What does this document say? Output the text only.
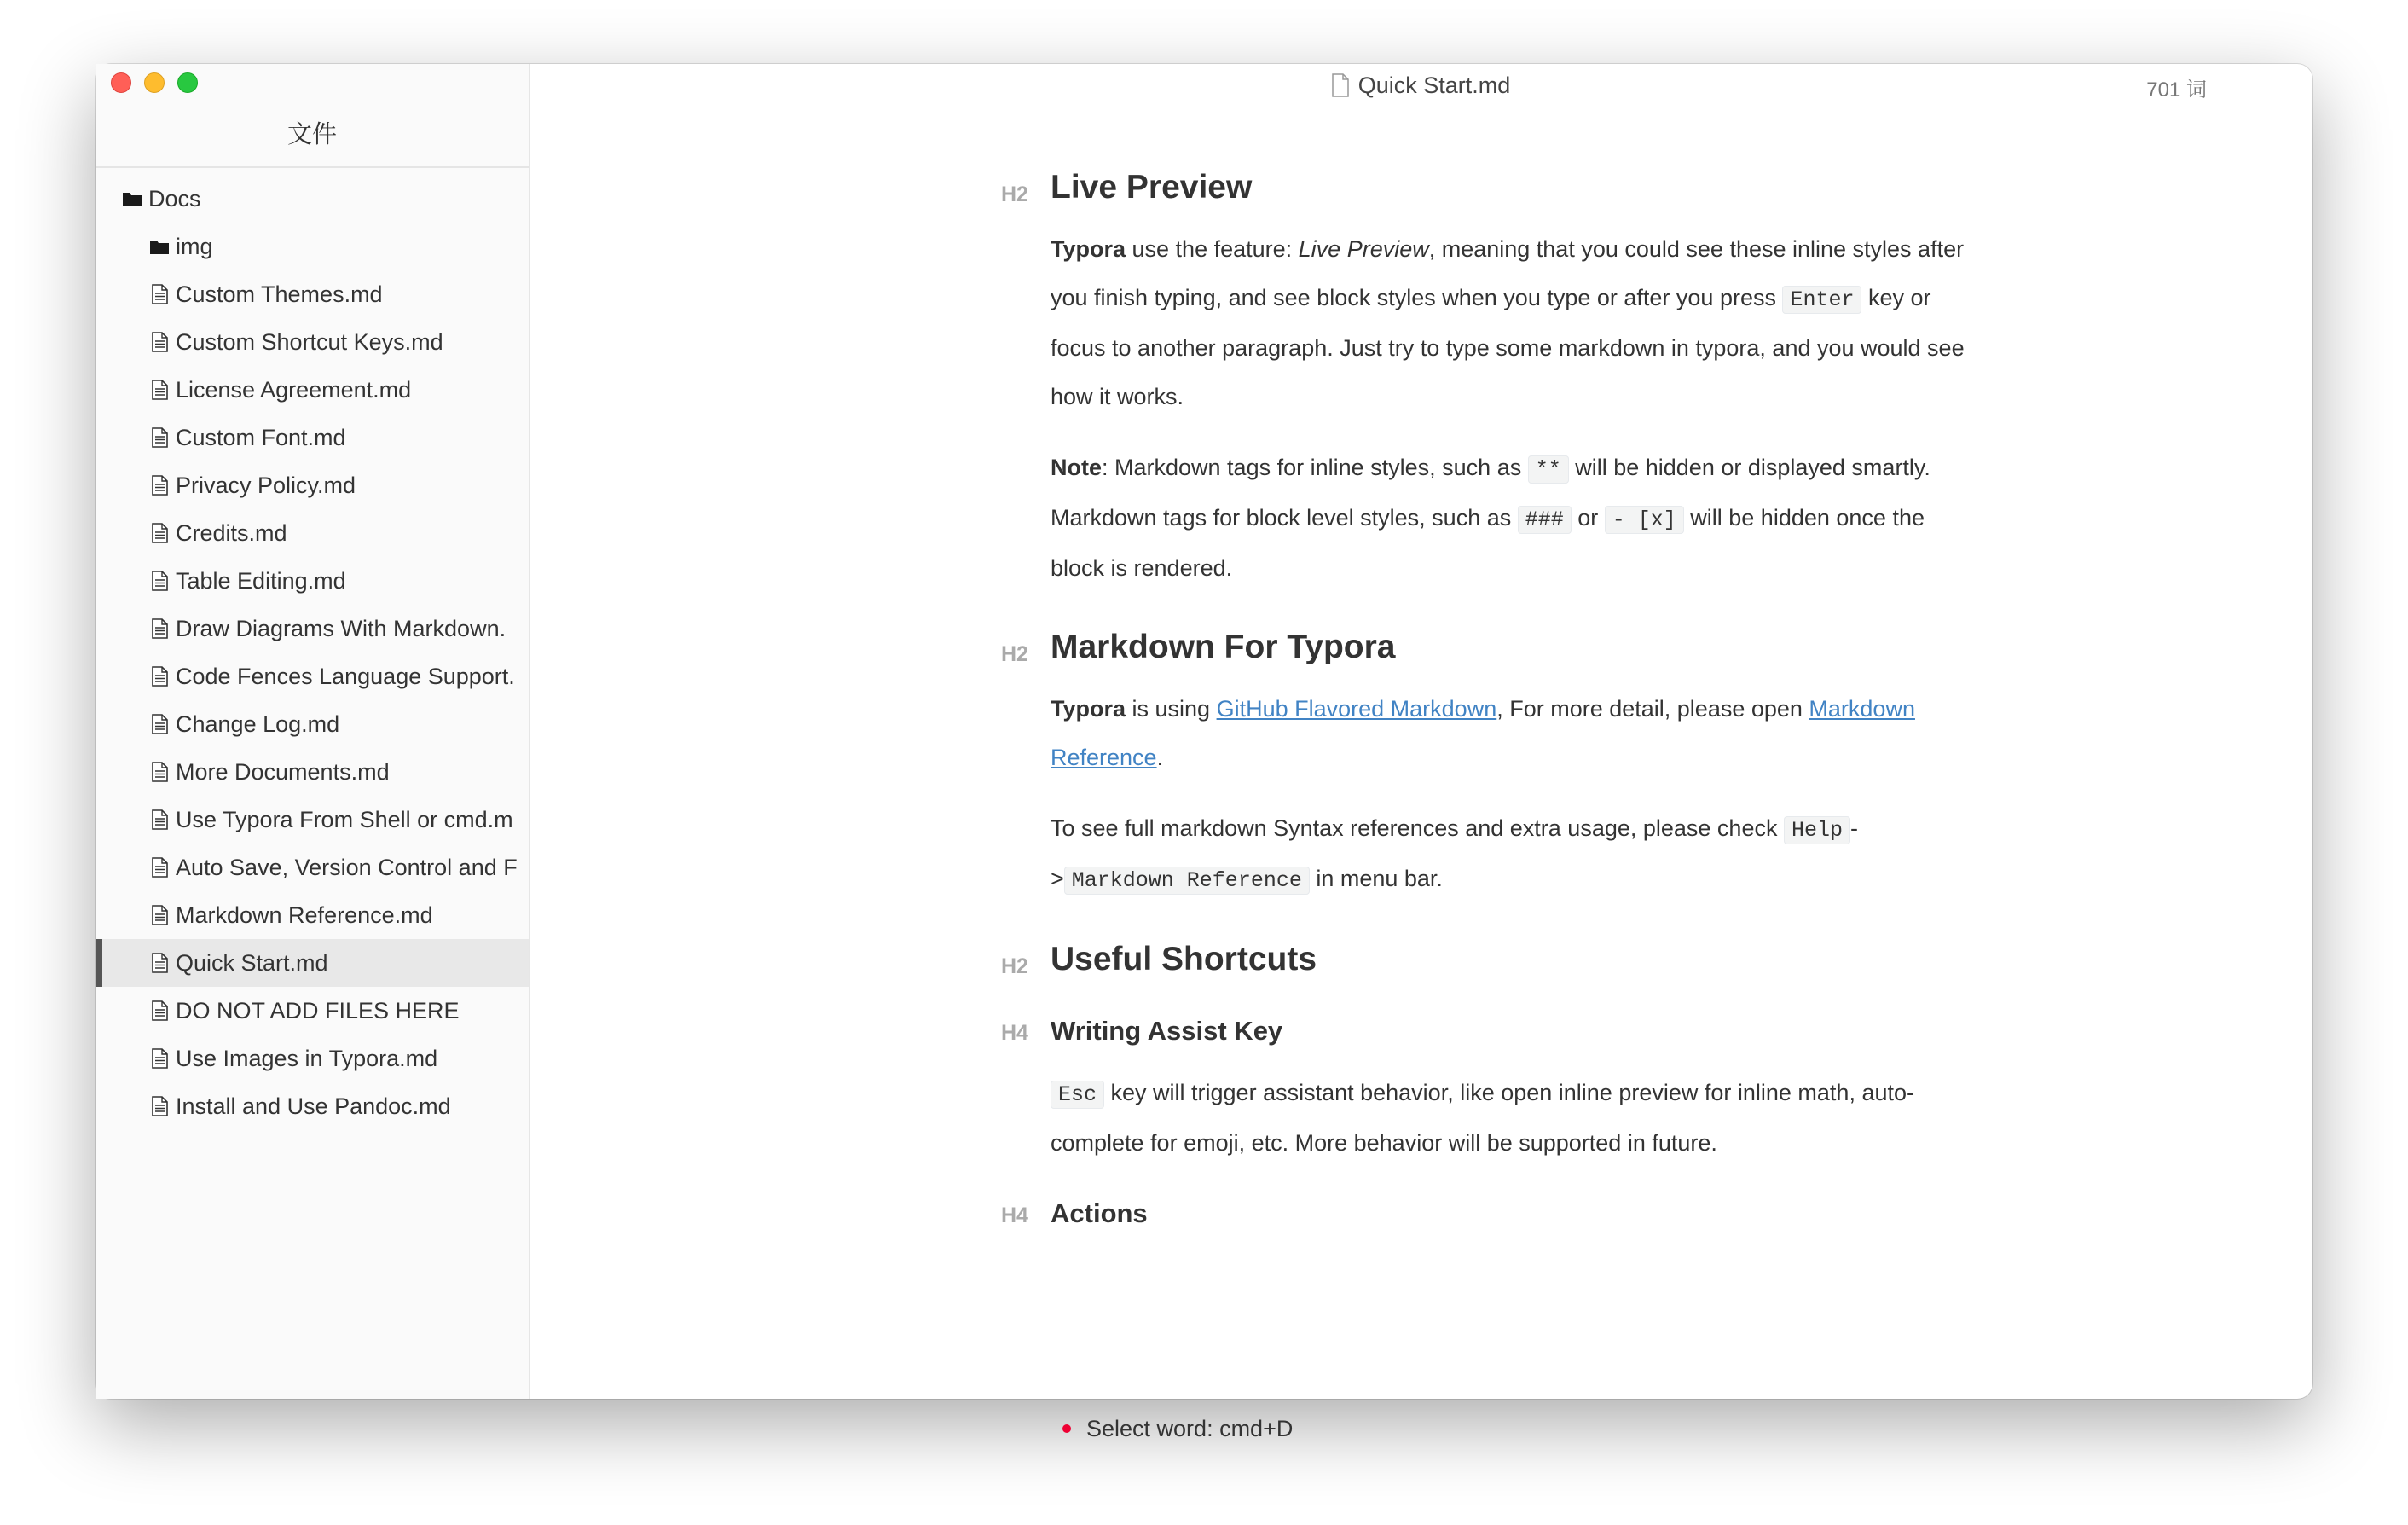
文件
Docs
img
Custom Themes.md
Custom Shortcut Keys.md
License Agreement.md
Custom Font.md
Privacy Policy.md
Credits.md
Table Editing.md
Draw Diagrams With Markdown.
Code Fences Language Support.
Change Log.md
More Documents.md
Use Typora From Shell or cmd.m
Auto Save, Version Control and F
Markdown Reference.md
Quick Start.md
DO NOT ADD FILES HERE
Use Images in Typora.md
Install and Use Pandoc.md
Quick Start.md	701 词
H2 Live Preview

Typora use the feature: Live Preview, meaning that you could see these inline styles after you finish typing, and see block styles when you type or after you press Enter key or focus to another paragraph. Just try to type some markdown in typora, and you would see how it works.

Note: Markdown tags for inline styles, such as ** will be hidden or displayed smartly. Markdown tags for block level styles, such as ### or - [x] will be hidden once the block is rendered.

H2 Markdown For Typora

Typora is using GitHub Flavored Markdown, For more detail, please open Markdown Reference.

To see full markdown Syntax references and extra usage, please check Help -> Markdown Reference in menu bar.

H2 Useful Shortcuts
H4 Writing Assist Key

Esc key will trigger assistant behavior, like open inline preview for inline math, auto-complete for emoji, etc. More behavior will be supported in future.

H4 Actions
Select word: cmd+D
